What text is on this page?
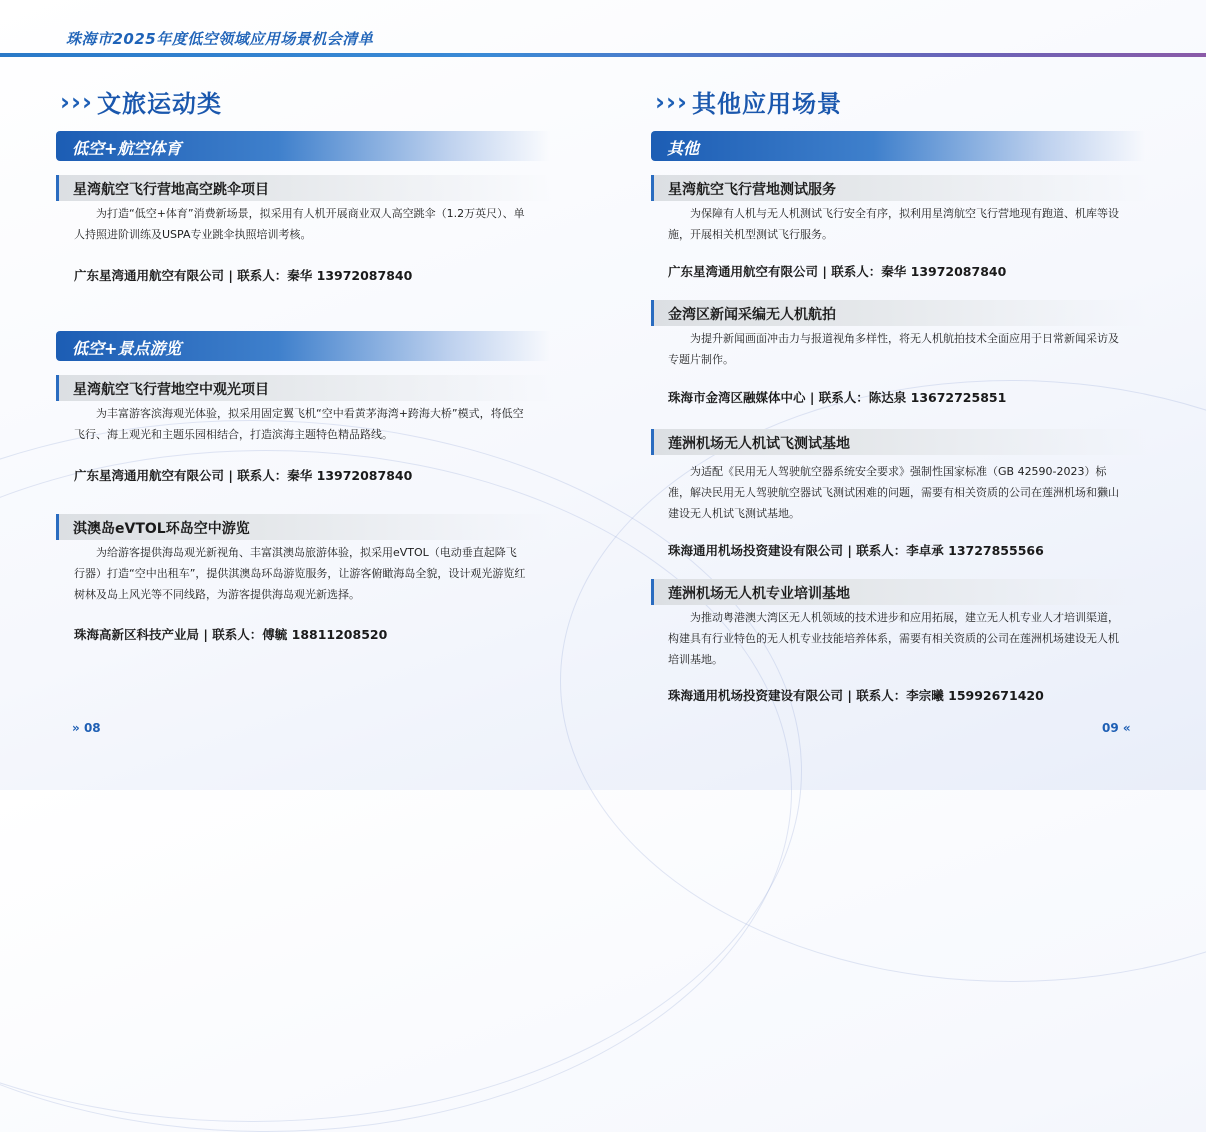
珠海市2025年度低空领域应用场景机会清单
› › › 文旅运动类
低空+航空体育
星湾航空飞行营地高空跳伞项目
为打造“低空+体育”消费新场景，拟采用有人机开展商业双人高空跳伞（1.2万英尺）、单人持照进阶训练及USPA专业跳伞执照培训考核。
广东星湾通用航空有限公司 | 联系人：秦华 13972087840
低空+景点游览
星湾航空飞行营地空中观光项目
为丰富游客滨海观光体验，拟采用固定翼飞机“空中看黄茅海湾+跨海大桥”模式，将低空飞行、海上观光和主题乐园相结合，打造滨海主题特色精品路线。
广东星湾通用航空有限公司 | 联系人：秦华 13972087840
淇澳岛eVTOL环岛空中游览
为给游客提供海岛观光新视角、丰富淇澳岛旅游体验，拟采用eVTOL（电动垂直起降飞行器）打造“空中出租车”，提供淇澳岛环岛游览服务，让游客俯瞰海岛全貌，设计观光游览红树林及岛上风光等不同线路，为游客提供海岛观光新选择。
珠海高新区科技产业局 | 联系人：傅毓 18811208520
» 08
› › › 其他应用场景
其他
星湾航空飞行营地测试服务
为保障有人机与无人机测试飞行安全有序，拟利用星湾航空飞行营地现有跑道、机库等设施，开展相关机型测试飞行服务。
广东星湾通用航空有限公司 | 联系人：秦华 13972087840
金湾区新闻采编无人机航拍
为提升新闻画面冲击力与报道视角多样性，将无人机航拍技术全面应用于日常新闻采访及专题片制作。
珠海市金湾区融媒体中心 | 联系人：陈达泉 13672725851
莲洲机场无人机试飞测试基地
为适配《民用无人驾驶航空器系统安全要求》强制性国家标准（GB 42590-2023）标准，解决民用无人驾驶航空器试飞测试困难的问题，需要有相关资质的公司在莲洲机场和獭山建设无人机试飞测试基地。
珠海通用机场投资建设有限公司 | 联系人：李卓承 13727855566
莲洲机场无人机专业培训基地
为推动粤港澳大湾区无人机领域的技术进步和应用拓展，建立无人机专业人才培训渠道，构建具有行业特色的无人机专业技能培养体系，需要有相关资质的公司在莲洲机场建设无人机培训基地。
珠海通用机场投资建设有限公司 | 联系人：李宗曦 15992671420
09 «
